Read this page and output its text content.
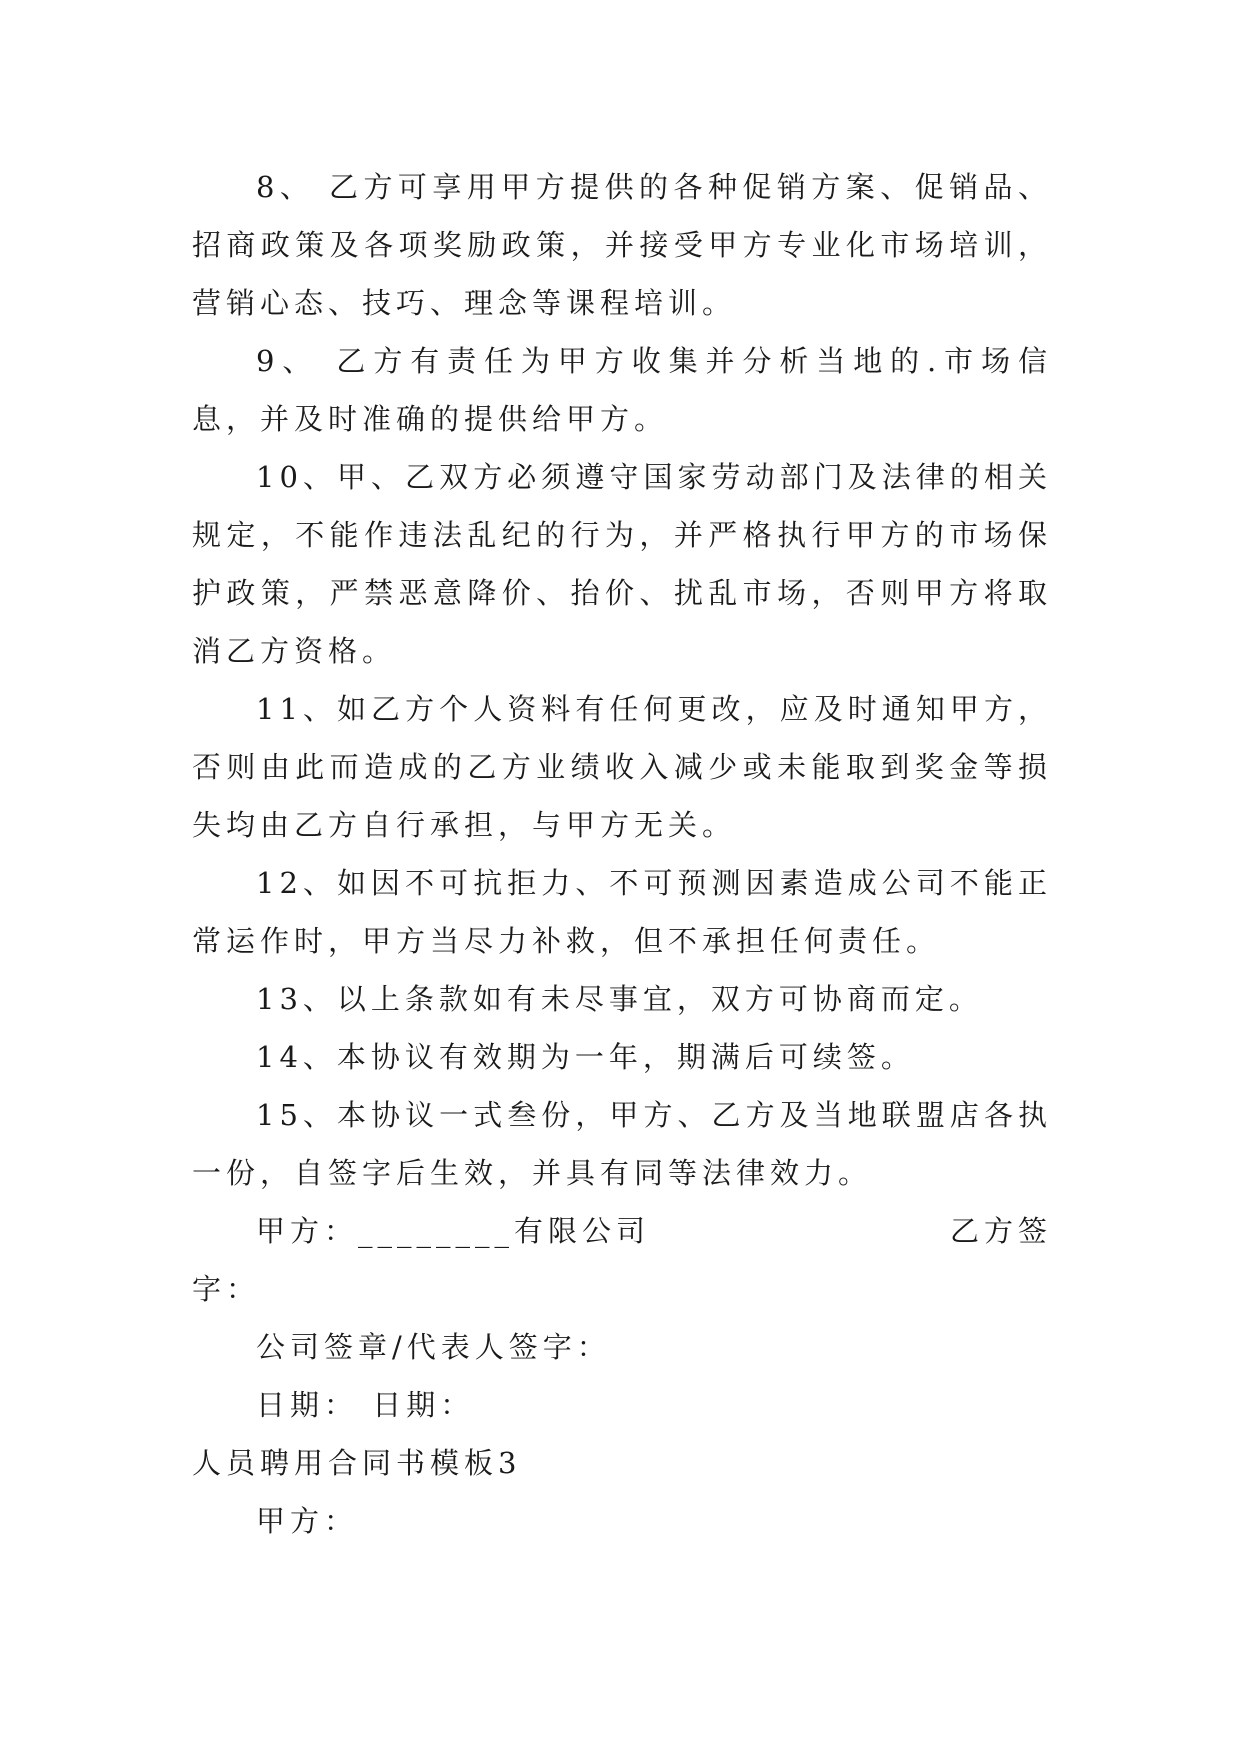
8、 乙方可享用甲方提供的各种促销方案、促销品、招商政策及各项奖励政策，并接受甲方专业化市场培训，营销心态、技巧、理念等课程培训。

9、 乙方有责任为甲方收集并分析当地的.市场信息，并及时准确的提供给甲方。

10、甲、乙双方必须遵守国家劳动部门及法律的相关规定，不能作违法乱纪的行为，并严格执行甲方的市场保护政策，严禁恶意降价、抬价、扰乱市场，否则甲方将取消乙方资格。

11、如乙方个人资料有任何更改，应及时通知甲方，否则由此而造成的乙方业绩收入减少或未能取到奖金等损失均由乙方自行承担，与甲方无关。

12、如因不可抗拒力、不可预测因素造成公司不能正常运作时，甲方当尽力补救，但不承担任何责任。

13、以上条款如有未尽事宜，双方可协商而定。

14、本协议有效期为一年，期满后可续签。

15、本协议一式叁份，甲方、乙方及当地联盟店各执一份，自签字后生效，并具有同等法律效力。

甲方：________有限公司	乙方签

字：

公司签章/代表人签字：

日期： 日期：

人员聘用合同书模板3

甲方：
